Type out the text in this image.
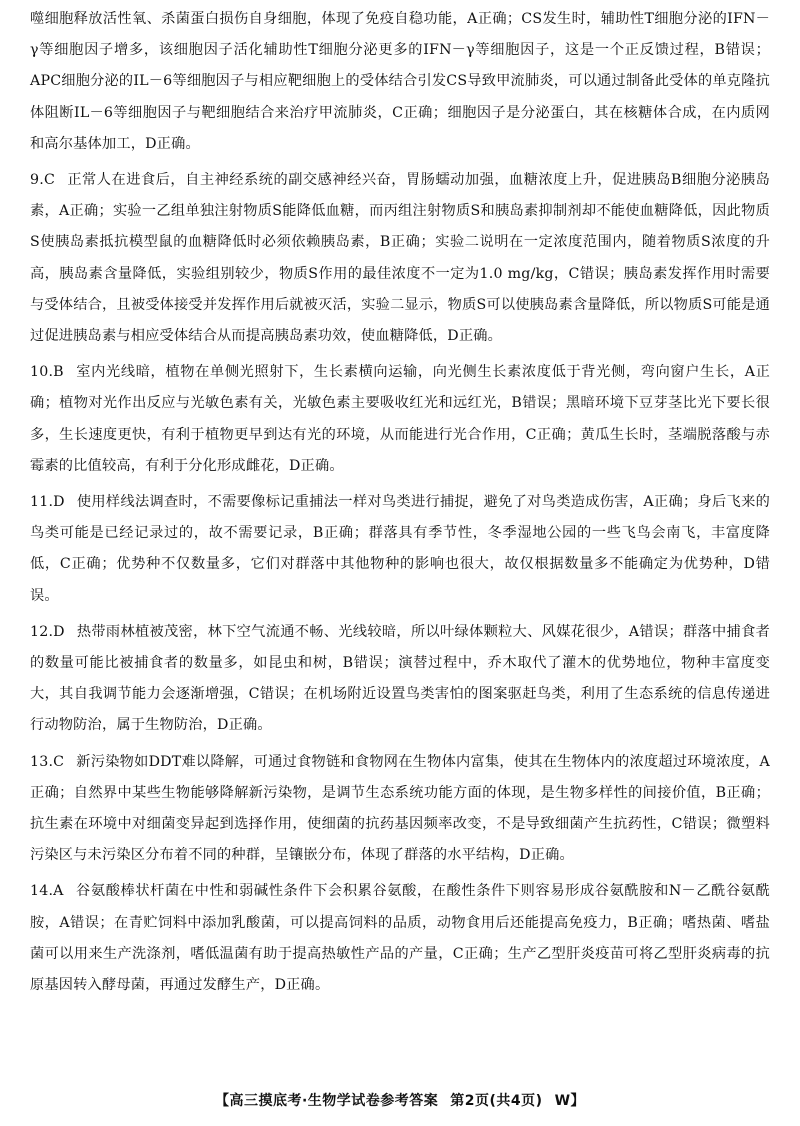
噬细胞释放活性氧、杀菌蛋白损伤自身细胞，体现了免疫自稳功能，A正确；CS发生时，辅助性T细胞分泌的IFN－γ等细胞因子增多，该细胞因子活化辅助性T细胞分泌更多的IFN－γ等细胞因子，这是一个正反馈过程，B错误；APC细胞分泌的IL－6等细胞因子与相应靶细胞上的受体结合引发CS导致甲流肺炎，可以通过制备此受体的单克隆抗体阻断IL－6等细胞因子与靶细胞结合来治疗甲流肺炎，C正确；细胞因子是分泌蛋白，其在核糖体合成，在内质网和高尔基体加工，D正确。

9.C 正常人在进食后，自主神经系统的副交感神经兴奋，胃肠蠕动加强，血糖浓度上升，促进胰岛B细胞分泌胰岛素，A正确；实验一乙组单独注射物质S能降低血糖，而丙组注射物质S和胰岛素抑制剂却不能使血糖降低，因此物质S使胰岛素抵抗模型鼠的血糖降低时必须依赖胰岛素，B正确；实验二说明在一定浓度范围内，随着物质S浓度的升高，胰岛素含量降低，实验组别较少，物质S作用的最佳浓度不一定为1.0 mg/kg，C错误；胰岛素发挥作用时需要与受体结合，且被受体接受并发挥作用后就被灭活，实验二显示，物质S可以使胰岛素含量降低，所以物质S可能是通过促进胰岛素与相应受体结合从而提高胰岛素功效，使血糖降低，D正确。

10.B 室内光线暗，植物在单侧光照射下，生长素横向运输，向光侧生长素浓度低于背光侧，弯向窗户生长，A正确；植物对光作出反应与光敏色素有关，光敏色素主要吸收红光和远红光，B错误；黑暗环境下豆芽茎比光下要长很多，生长速度更快，有利于植物更早到达有光的环境，从而能进行光合作用，C正确；黄瓜生长时，茎端脱落酸与赤霉素的比值较高，有利于分化形成雌花，D正确。

11.D 使用样线法调查时，不需要像标记重捕法一样对鸟类进行捕捉，避免了对鸟类造成伤害，A正确；身后飞来的鸟类可能是已经记录过的，故不需要记录，B正确；群落具有季节性，冬季湿地公园的一些飞鸟会南飞，丰富度降低，C正确；优势种不仅数量多，它们对群落中其他物种的影响也很大，故仅根据数量多不能确定为优势种，D错误。

12.D 热带雨林植被茂密，林下空气流通不畅、光线较暗，所以叶绿体颗粒大、风媒花很少，A错误；群落中捕食者的数量可能比被捕食者的数量多，如昆虫和树，B错误；演替过程中，乔木取代了灌木的优势地位，物种丰富度变大，其自我调节能力会逐渐增强，C错误；在机场附近设置鸟类害怕的图案驱赶鸟类，利用了生态系统的信息传递进行动物防治，属于生物防治，D正确。

13.C 新污染物如DDT难以降解，可通过食物链和食物网在生物体内富集，使其在生物体内的浓度超过环境浓度，A正确；自然界中某些生物能够降解新污染物，是调节生态系统功能方面的体现，是生物多样性的间接价值，B正确；抗生素在环境中对细菌变异起到选择作用，使细菌的抗药基因频率改变，不是导致细菌产生抗药性，C错误；微塑料污染区与未污染区分布着不同的种群，呈镶嵌分布，体现了群落的水平结构，D正确。

14.A 谷氨酸棒状杆菌在中性和弱碱性条件下会积累谷氨酸，在酸性条件下则容易形成谷氨酰胺和N－乙酰谷氨酰胺，A错误；在青贮饲料中添加乳酸菌，可以提高饲料的品质，动物食用后还能提高免疫力，B正确；嗜热菌、嗜盐菌可以用来生产洗涤剂，嗜低温菌有助于提高热敏性产品的产量，C正确；生产乙型肝炎疫苗可将乙型肝炎病毒的抗原基因转入酵母菌，再通过发酵生产，D正确。

【高三摸底考·生物学试卷参考答案 第2页(共4页) W】
